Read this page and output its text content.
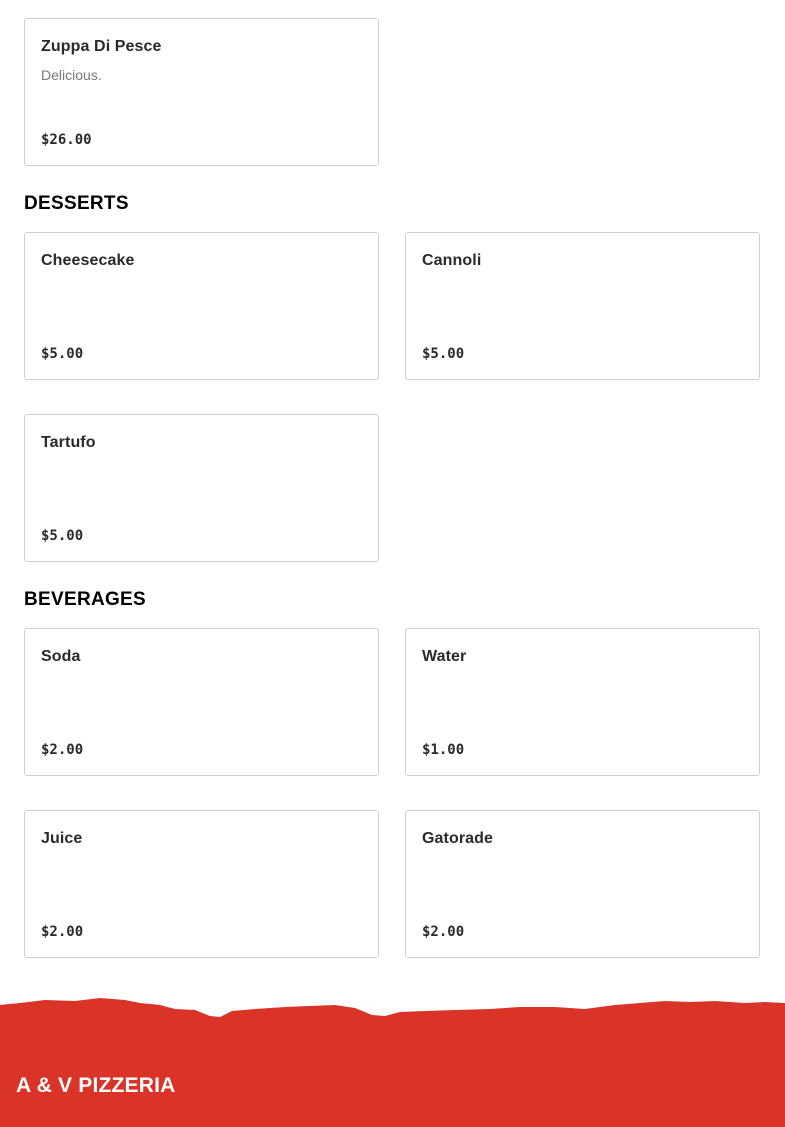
Zuppa Di Pesce
Delicious.
$26.00
DESSERTS
Cheesecake
$5.00
Cannoli
$5.00
Tartufo
$5.00
BEVERAGES
Soda
$2.00
Water
$1.00
Juice
$2.00
Gatorade
$2.00
A & V PIZZERIA
